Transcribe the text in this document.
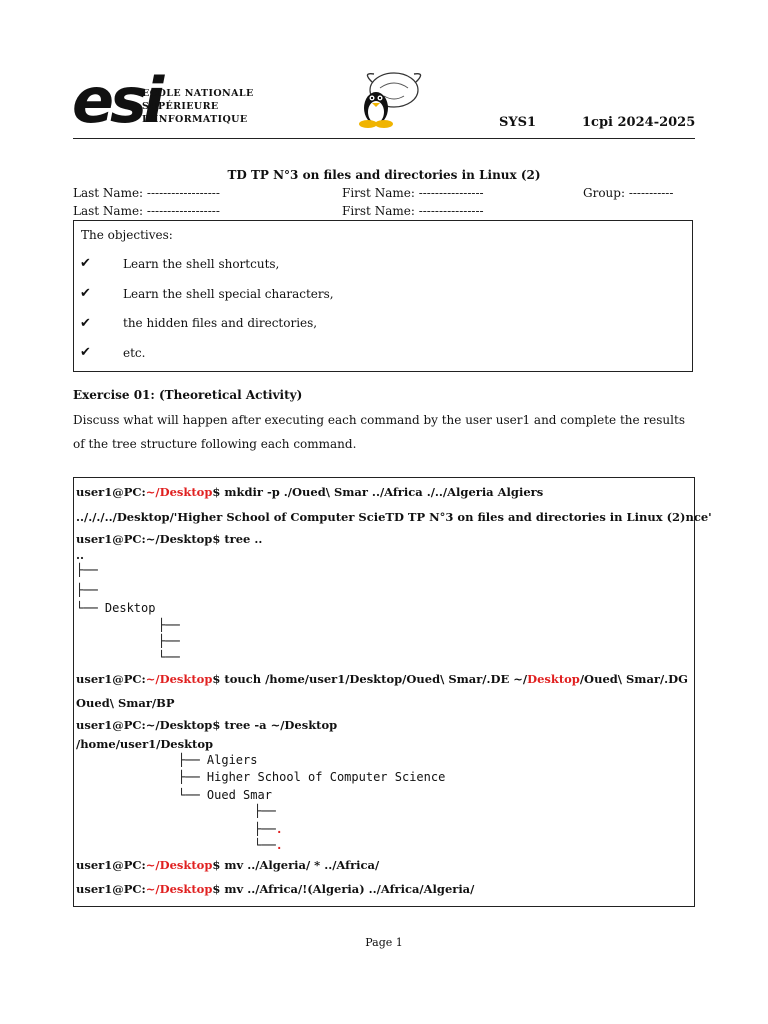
esi
ECOLE NATIONALE
SUPÉRIEURE
D'INFORMATIQUE	SYS1	1cpi 2024-2025
TD TP N°3 on files and directories in Linux (2)
Last Name: ------------------	First Name: ----------------	Group: -----------
Last Name: ------------------	First Name: ----------------
The objectives:
✔	Learn the shell shortcuts,
✔	Learn the shell special characters,
✔	the hidden files and directories,
✔	etc.
Exercise 01: (Theoretical Activity)
Discuss what will happen after executing each command by the user user1 and complete the results of the tree structure following each command.
user1@PC:~/Desktop$ mkdir -p ./Oued\ Smar ../Africa ./../Algeria Algiers
../././../Desktop/'Higher School of Computer ScieTD TP N°3 on files and directories in Linux (2)nce'
user1@PC:~/Desktop$ tree ..
..
├──
├──
└── Desktop
├──
├──
└──
user1@PC:~/Desktop$ touch /home/user1/Desktop/Oued\ Smar/.DE ~/Desktop/Oued\ Smar/.DG
Oued\ Smar/BP
user1@PC:~/Desktop$ tree -a ~/Desktop
/home/user1/Desktop
├── Algiers
├── Higher School of Computer Science
└── Oued Smar
├──
├──.
└──.
user1@PC:~/Desktop$ mv ../Algeria/ * ../Africa/
user1@PC:~/Desktop$ mv ../Africa/!(Algeria) ../Africa/Algeria/
Page 1
